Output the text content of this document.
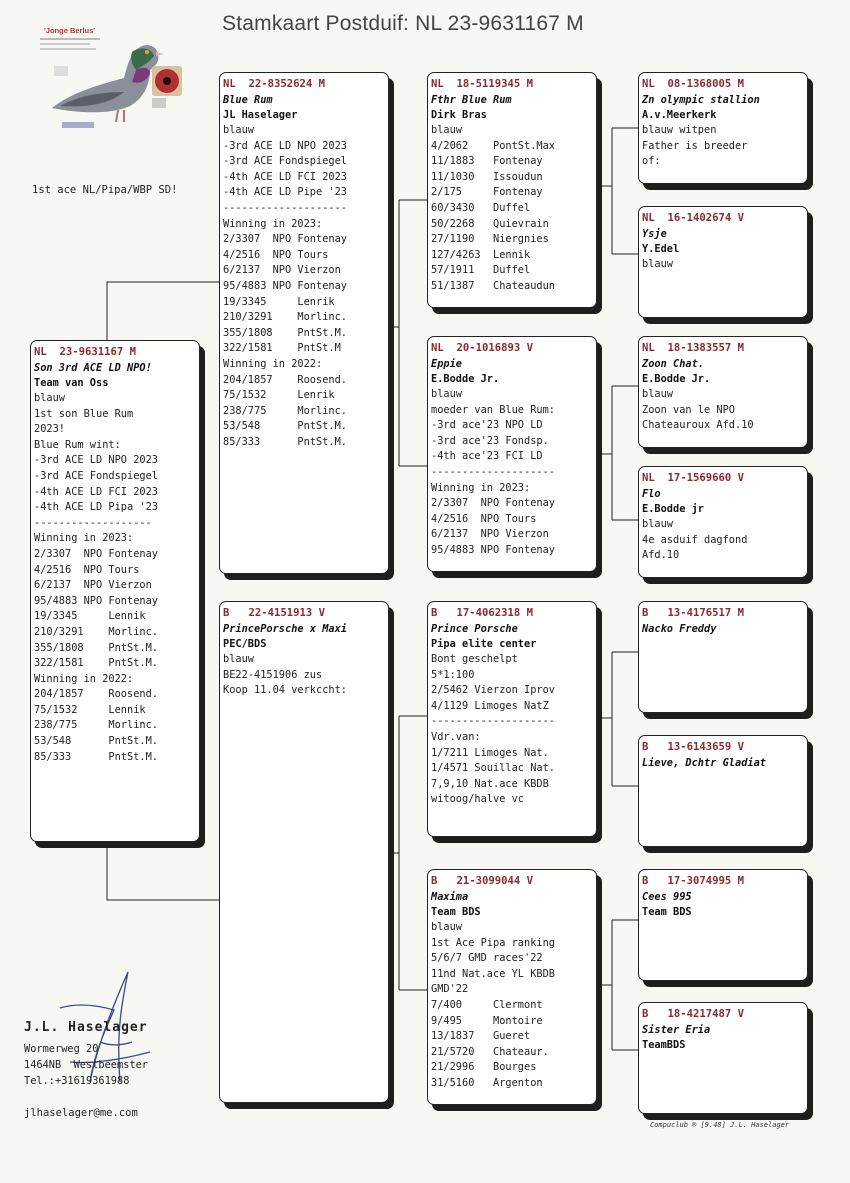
Stamkaart Postduif: NL 23-9631167 M
'Jonge Berlus'
1st ace NL/Pipa/WBP SD!
NL  23-9631167 M
Son 3rd ACE LD NPO!
Team van Oss
blauw
1st son Blue Rum
2023!
Blue Rum wint:
-3rd ACE LD NPO 2023
-3rd ACE Fondspiegel
-4th ACE LD FCI 2023
-4th ACE LD Pipa '23
-------------------
Winning in 2023:
2/3307  NPO Fontenay
4/2516  NPO Tours
6/2137  NPO Vierzon
95/4883 NPO Fontenay
19/3345     Lennik
210/3291    Morlinc.
355/1808    PntSt.M.
322/1581    PntSt.M.
Winning in 2022:
204/1857    Roosend.
75/1532     Lennik
238/775     Morlinc.
53/548      PntSt.M.
85/333      PntSt.M.
NL  22-8352624 M
Blue Rum
JL Haselager
blauw
-3rd ACE LD NPO 2023
-3rd ACE Fondspiegel
-4th ACE LD FCI 2023
-4th ACE LD Pipe '23
--------------------
Winning in 2023:
2/3307  NPO Fontenay
4/2516  NPO Tours
6/2137  NPO Vierzon
95/4883 NPO Fontenay
19/3345     Lenrik
210/3291    Morlinc.
355/1808    PntSt.M.
322/1581    PntSt.M
Winning in 2022:
204/1857    Roosend.
75/1532     Lenrik
238/775     Morlinc.
53/548      PntSt.M.
85/333      PntSt.M.
B   22-4151913 V
PrincePorsche x Maxi
PEC/BDS
blauw
BE22-4151906 zus
Koop 11.04 verkccht:
NL  18-5119345 M
Fthr Blue Rum
Dirk Bras
blauw
4/2062    PontSt.Max
11/1883   Fontenay
11/1030   Issoudun
2/175     Fontenay
60/3430   Duffel
50/2268   Quievrain
27/1190   Niergnies
127/4263  Lennik
57/1911   Duffel
51/1387   Chateaudun
NL  20-1016893 V
Eppie
E.Bodde Jr.
blauw
moeder van Blue Rum:
-3rd ace'23 NPO LD
-3rd ace'23 Fondsp.
-4th ace'23 FCI LD
--------------------
Winning in 2023:
2/3307  NPO Fontenay
4/2516  NPO Tours
6/2137  NPO Vierzon
95/4883 NPO Fontenay
B   17-4062318 M
Prince Porsche
Pipa elite center
Bont geschelpt
5*1:100
2/5462 Vierzon Iprov
4/1129 Limoges NatZ
--------------------
Vdr.van:
1/7211 Limoges Nat.
1/4571 Souillac Nat.
7,9,10 Nat.ace KBDB
witoog/halve vc
B   21-3099044 V
Maxima
Team BDS
blauw
1st Ace Pipa ranking
5/6/7 GMD races'22
11nd Nat.ace YL KBDB
GMD'22
7/400     Clermont
9/495     Montoire
13/1837   Gueret
21/5720   Chateaur.
21/2996   Bourges
31/5160   Argenton
NL  08-1368005 M
Zn olympic stallion
A.v.Meerkerk
blauw witpen
Father is breeder
of:
NL  16-1402674 V
Ysje
Y.Edel
blauw
NL  18-1383557 M
Zoon Chat.
E.Bodde Jr.
blauw
Zoon van le NPO
Chateauroux Afd.10
NL  17-1569660 V
Flo
E.Bodde jr
blauw
4e asduif dagfond
Afd.10
B   13-4176517 M
Nacko Freddy
B   13-6143659 V
Lieve, Dchtr Gladiat
B   17-3074995 M
Cees 995
Team BDS
B   18-4217487 V
Sister Eria
TeamBDS
J.L. Haselager
Wormerweg 20
1464NB  Westbeemster
Tel.:+31619361988
jlhaselager@me.com
Compuclub ® [9.48] J.L. Haselager
